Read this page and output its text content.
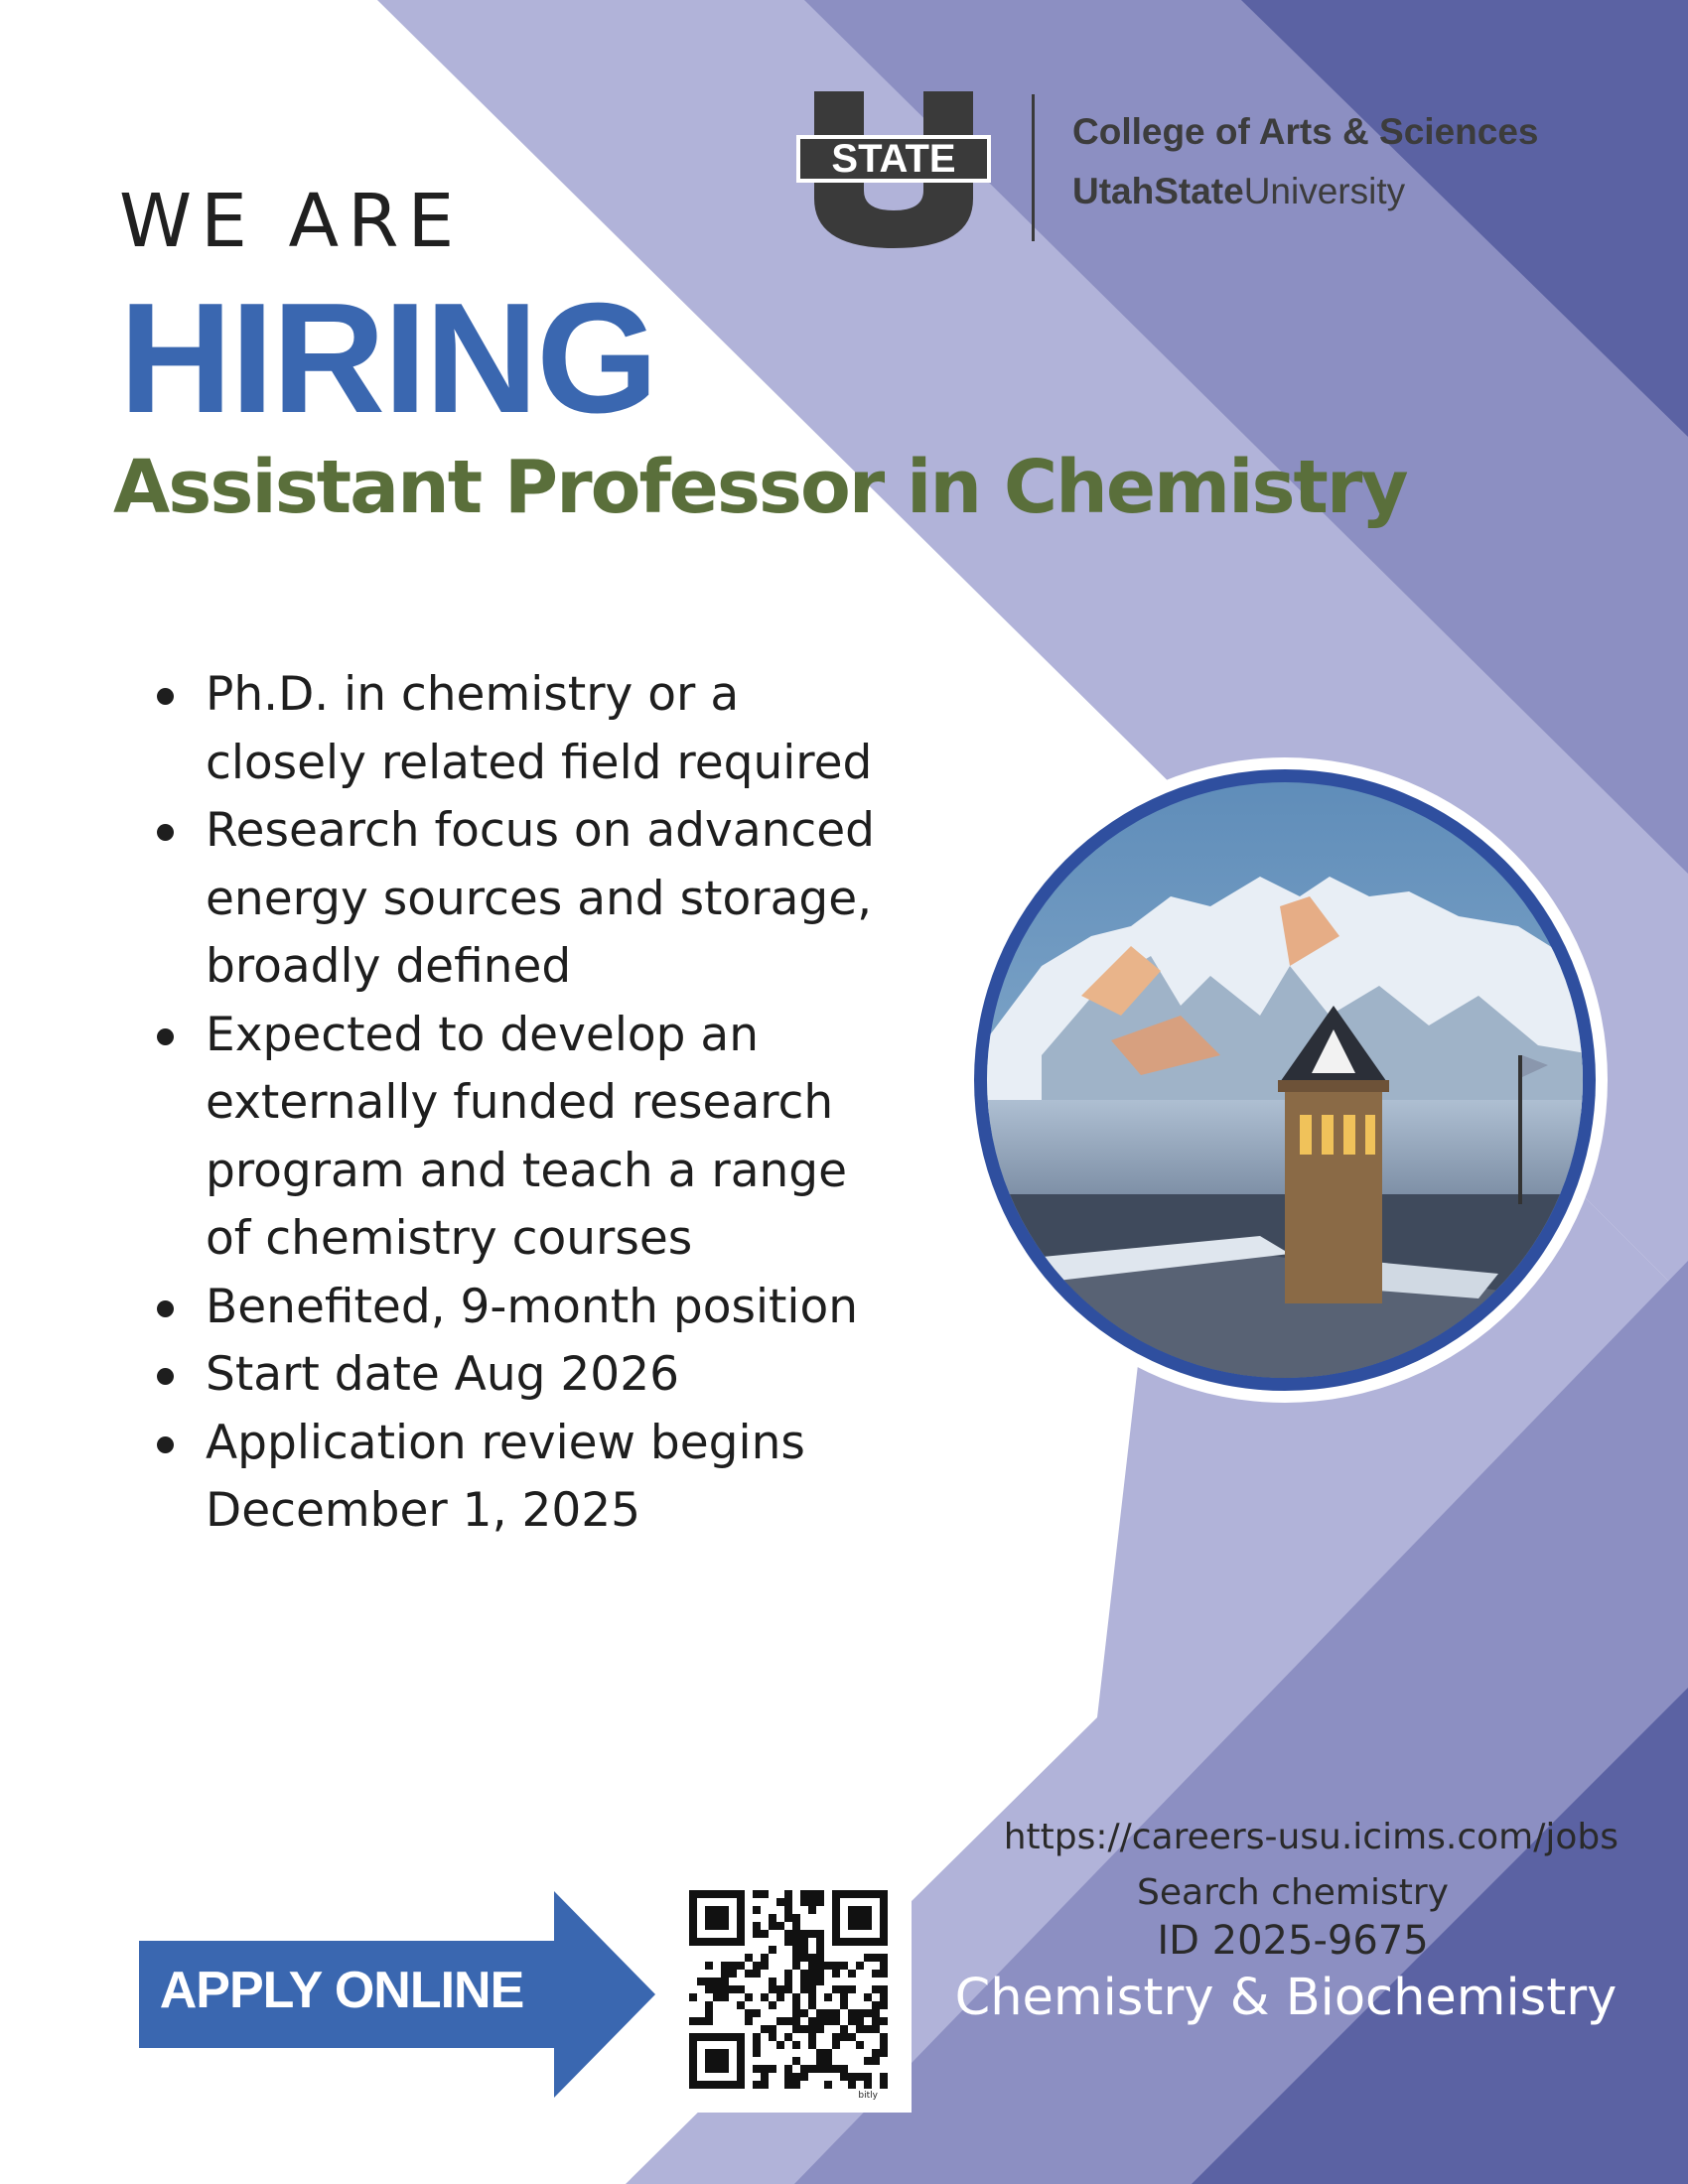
STATE
College of Arts & Sciences
UtahStateUniversity
WE ARE
HIRING
Assistant Professor in Chemistry
Ph.D. in chemistry or a closely related field required
Research focus on advanced energy sources and storage, broadly defined
Expected to develop an externally funded research program and teach a range of chemistry courses
Benefited, 9-month position
Start date Aug 2026
Application review begins December 1, 2025
https://careers-usu.icims.com/jobs
Search chemistry
ID 2025-9675
Chemistry & Biochemistry
APPLY ONLINE
bitly
